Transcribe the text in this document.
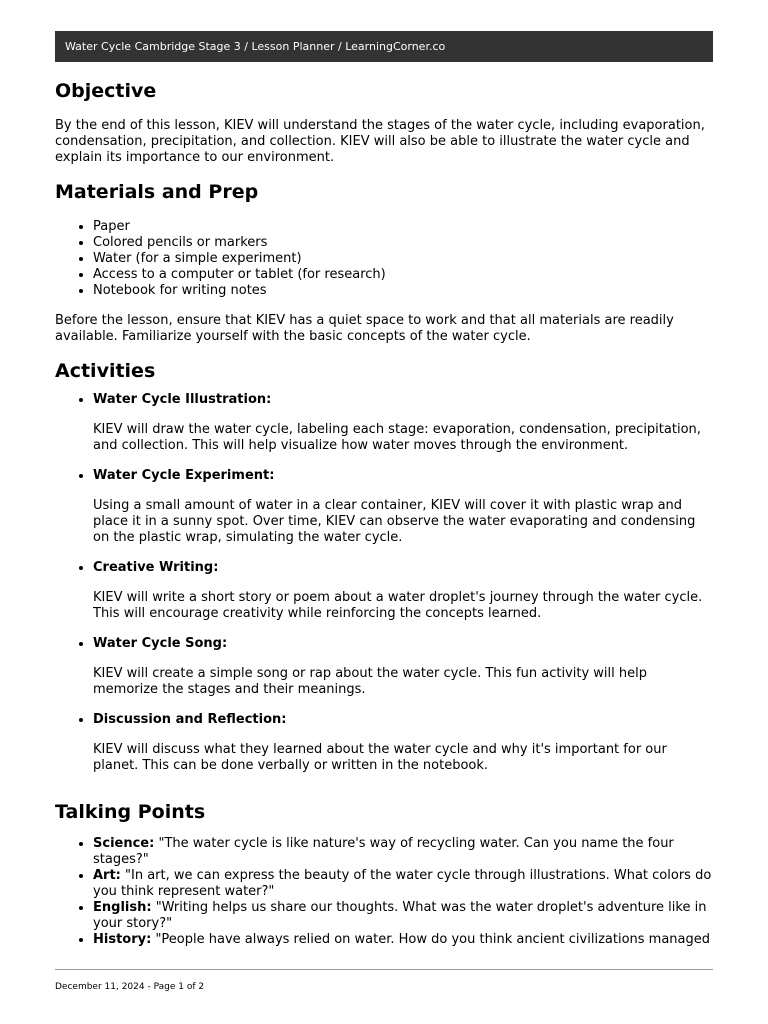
Water Cycle Cambridge Stage 3 / Lesson Planner / LearningCorner.co
Objective

By the end of this lesson, KIEV will understand the stages of the water cycle, including evaporation, condensation, precipitation, and collection. KIEV will also be able to illustrate the water cycle and explain its importance to our environment.

Materials and Prep
• Paper
• Colored pencils or markers
• Water (for a simple experiment)
• Access to a computer or tablet (for research)
• Notebook for writing notes

Before the lesson, ensure that KIEV has a quiet space to work and that all materials are readily available. Familiarize yourself with the basic concepts of the water cycle.

Activities
• Water Cycle Illustration:
KIEV will draw the water cycle, labeling each stage: evaporation, condensation, precipitation, and collection. This will help visualize how water moves through the environment.
• Water Cycle Experiment:
Using a small amount of water in a clear container, KIEV will cover it with plastic wrap and place it in a sunny spot. Over time, KIEV can observe the water evaporating and condensing on the plastic wrap, simulating the water cycle.
• Creative Writing:
KIEV will write a short story or poem about a water droplet's journey through the water cycle. This will encourage creativity while reinforcing the concepts learned.
• Water Cycle Song:
KIEV will create a simple song or rap about the water cycle. This fun activity will help memorize the stages and their meanings.
• Discussion and Reflection:
KIEV will discuss what they learned about the water cycle and why it's important for our planet. This can be done verbally or written in the notebook.
Talking Points
• Science: "The water cycle is like nature's way of recycling water. Can you name the four stages?"
• Art: "In art, we can express the beauty of the water cycle through illustrations. What colors do you think represent water?"
• English: "Writing helps us share our thoughts. What was the water droplet's adventure like in your story?"
• History: "People have always relied on water. How do you think ancient civilizations managed
December 11, 2024 - Page 1 of 2
